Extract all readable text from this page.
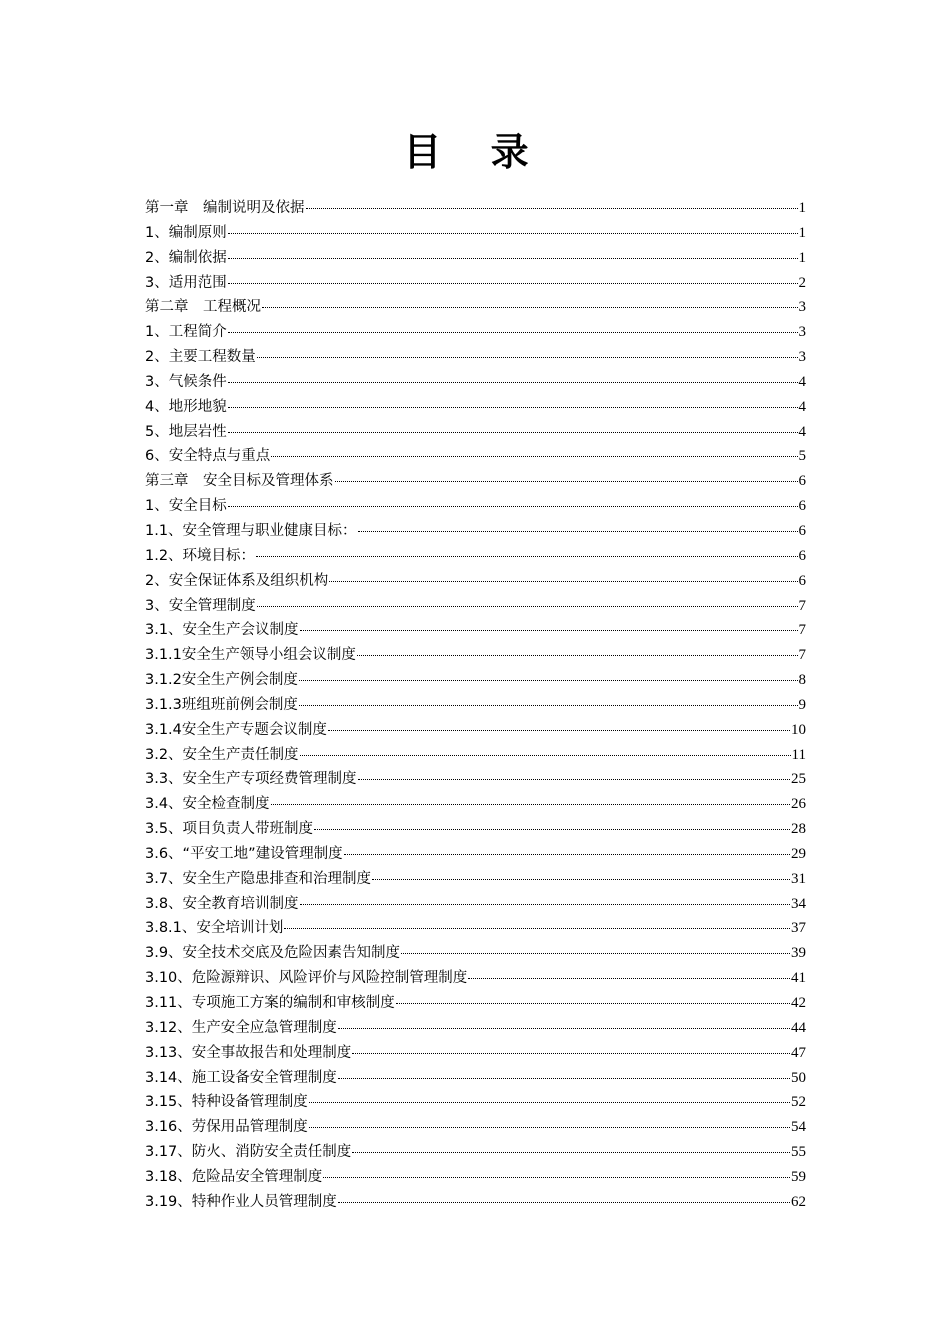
目 录
第一章　编制说明及依据	1
1、编制原则	1
2、编制依据	1
3、适用范围	2
第二章　工程概况	3
1、工程简介	3
2、主要工程数量	3
3、气候条件	4
4、地形地貌	4
5、地层岩性	4
6、安全特点与重点	5
第三章　安全目标及管理体系	6
1、安全目标	6
1.1、安全管理与职业健康目标：	6
1.2、环境目标：	6
2、安全保证体系及组织机构	6
3、安全管理制度	7
3.1、安全生产会议制度	7
3.1.1安全生产领导小组会议制度	7
3.1.2安全生产例会制度	8
3.1.3班组班前例会制度	9
3.1.4安全生产专题会议制度	10
3.2、安全生产责任制度	11
3.3、安全生产专项经费管理制度	25
3.4、安全检查制度	26
3.5、项目负责人带班制度	28
3.6、“平安工地”建设管理制度	29
3.7、安全生产隐患排查和治理制度	31
3.8、安全教育培训制度	34
3.8.1、安全培训计划	37
3.9、安全技术交底及危险因素告知制度	39
3.10、危险源辩识、风险评价与风险控制管理制度	41
3.11、专项施工方案的编制和审核制度	42
3.12、生产安全应急管理制度	44
3.13、安全事故报告和处理制度	47
3.14、施工设备安全管理制度	50
3.15、特种设备管理制度	52
3.16、劳保用品管理制度	54
3.17、防火、消防安全责任制度	55
3.18、危险品安全管理制度	59
3.19、特种作业人员管理制度	62
